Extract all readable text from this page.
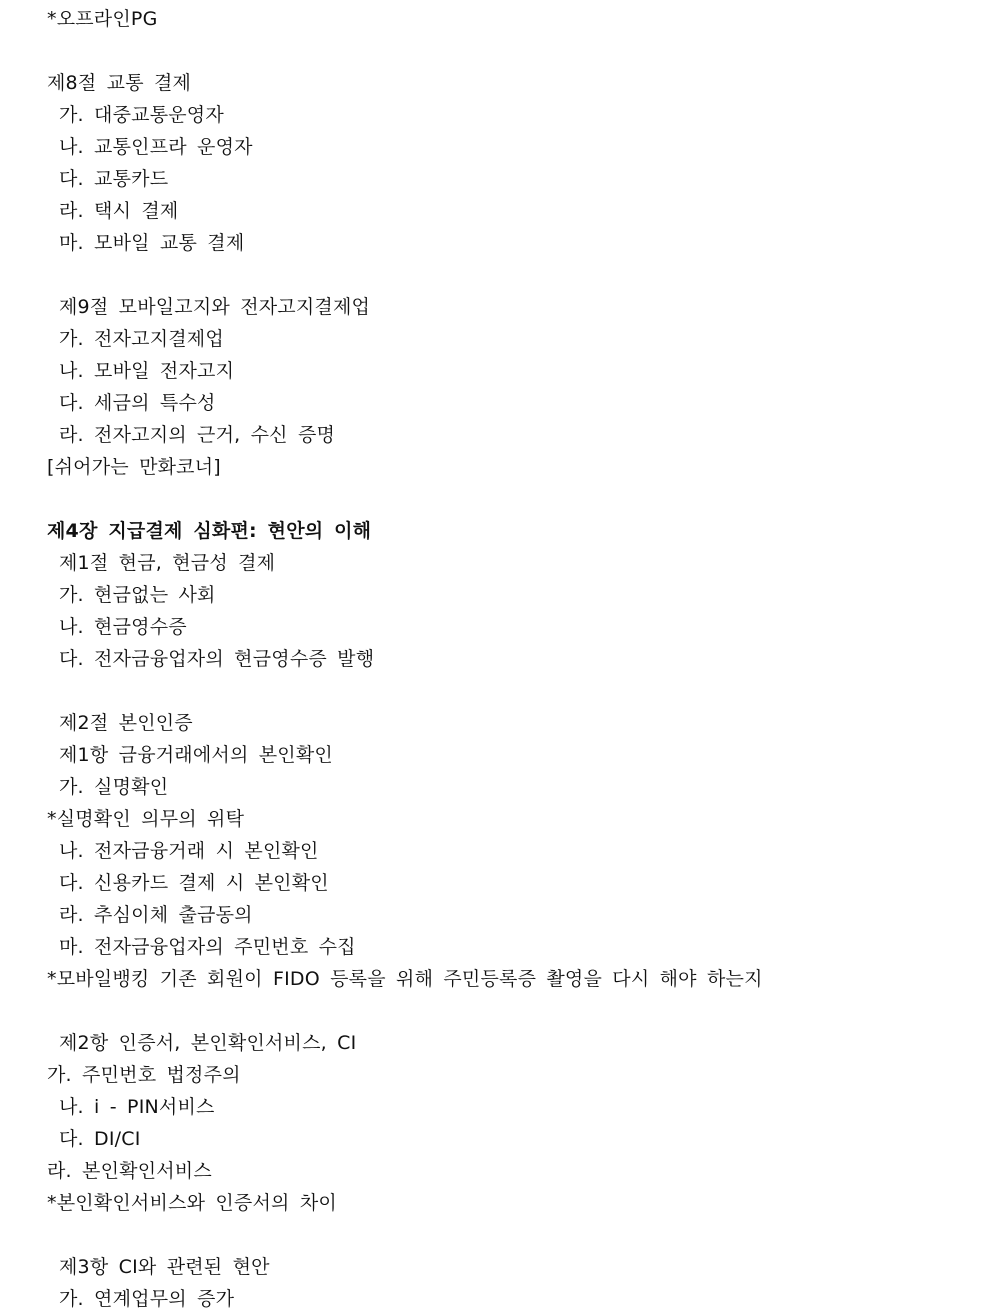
*오프라인PG
제8절 교통 결제
가. 대중교통운영자
나. 교통인프라 운영자
다. 교통카드
라. 택시 결제
마. 모바일 교통 결제
제9절 모바일고지와 전자고지결제업
가. 전자고지결제업
나. 모바일 전자고지
다. 세금의 특수성
라. 전자고지의 근거, 수신 증명
[쉬어가는 만화코너]
제4장 지급결제 심화편: 현안의 이해
제1절 현금, 현금성 결제
가. 현금없는 사회
나. 현금영수증
다. 전자금융업자의 현금영수증 발행
제2절 본인인증
제1항 금융거래에서의 본인확인
가. 실명확인
*실명확인 의무의 위탁
나. 전자금융거래 시 본인확인
다. 신용카드 결제 시 본인확인
라. 추심이체 출금동의
마. 전자금융업자의 주민번호 수집
*모바일뱅킹 기존 회원이 FIDO 등록을 위해 주민등록증 촬영을 다시 해야 하는지
제2항 인증서, 본인확인서비스, CI
가. 주민번호 법정주의
나. i - PIN서비스
다. DI/CI
라. 본인확인서비스
*본인확인서비스와 인증서의 차이
제3항 CI와 관련된 현안
가. 연계업무의 증가
